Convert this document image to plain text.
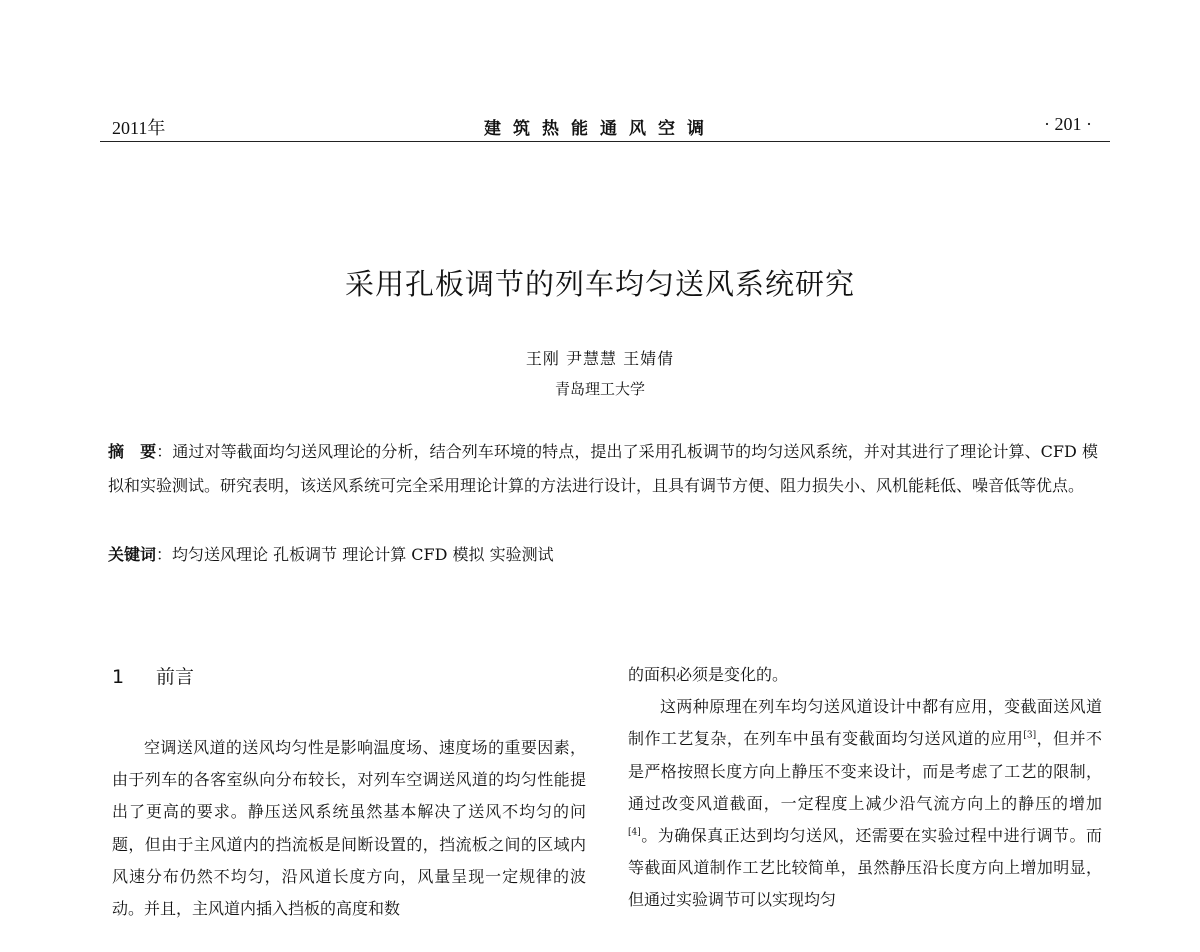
2011年	建筑热能通风空调	· 201 ·
采用孔板调节的列车均匀送风系统研究
王刚 尹慧慧 王婧倩
青岛理工大学
摘　要：通过对等截面均匀送风理论的分析，结合列车环境的特点，提出了采用孔板调节的均匀送风系统，并对其进行了理论计算、CFD 模拟和实验测试。研究表明，该送风系统可完全采用理论计算的方法进行设计，且具有调节方便、阻力损失小、风机能耗低、噪音低等优点。
关键词：均匀送风理论 孔板调节 理论计算 CFD 模拟 实验测试
1 前言

空调送风道的送风均匀性是影响温度场、速度场的重要因素，由于列车的各客室纵向分布较长，对列车空调送风道的均匀性能提出了更高的要求。静压送风系统虽然基本解决了送风不均匀的问题，但由于主风道内的挡流板是间断设置的，挡流板之间的区域内风速分布仍然不均匀，沿风道长度方向，风量呈现一定规律的波动。并且，主风道内插入挡板的高度和数

的面积必须是变化的。

这两种原理在列车均匀送风道设计中都有应用，变截面送风道制作工艺复杂，在列车中虽有变截面均匀送风道的应用[3]，但并不是严格按照长度方向上静压不变来设计，而是考虑了工艺的限制，通过改变风道截面，一定程度上减少沿气流方向上的静压的增加[4]。为确保真正达到均匀送风，还需要在实验过程中进行调节。而等截面风道制作工艺比较简单，虽然静压沿长度方向上增加明显，但通过实验调节可以实现均匀
